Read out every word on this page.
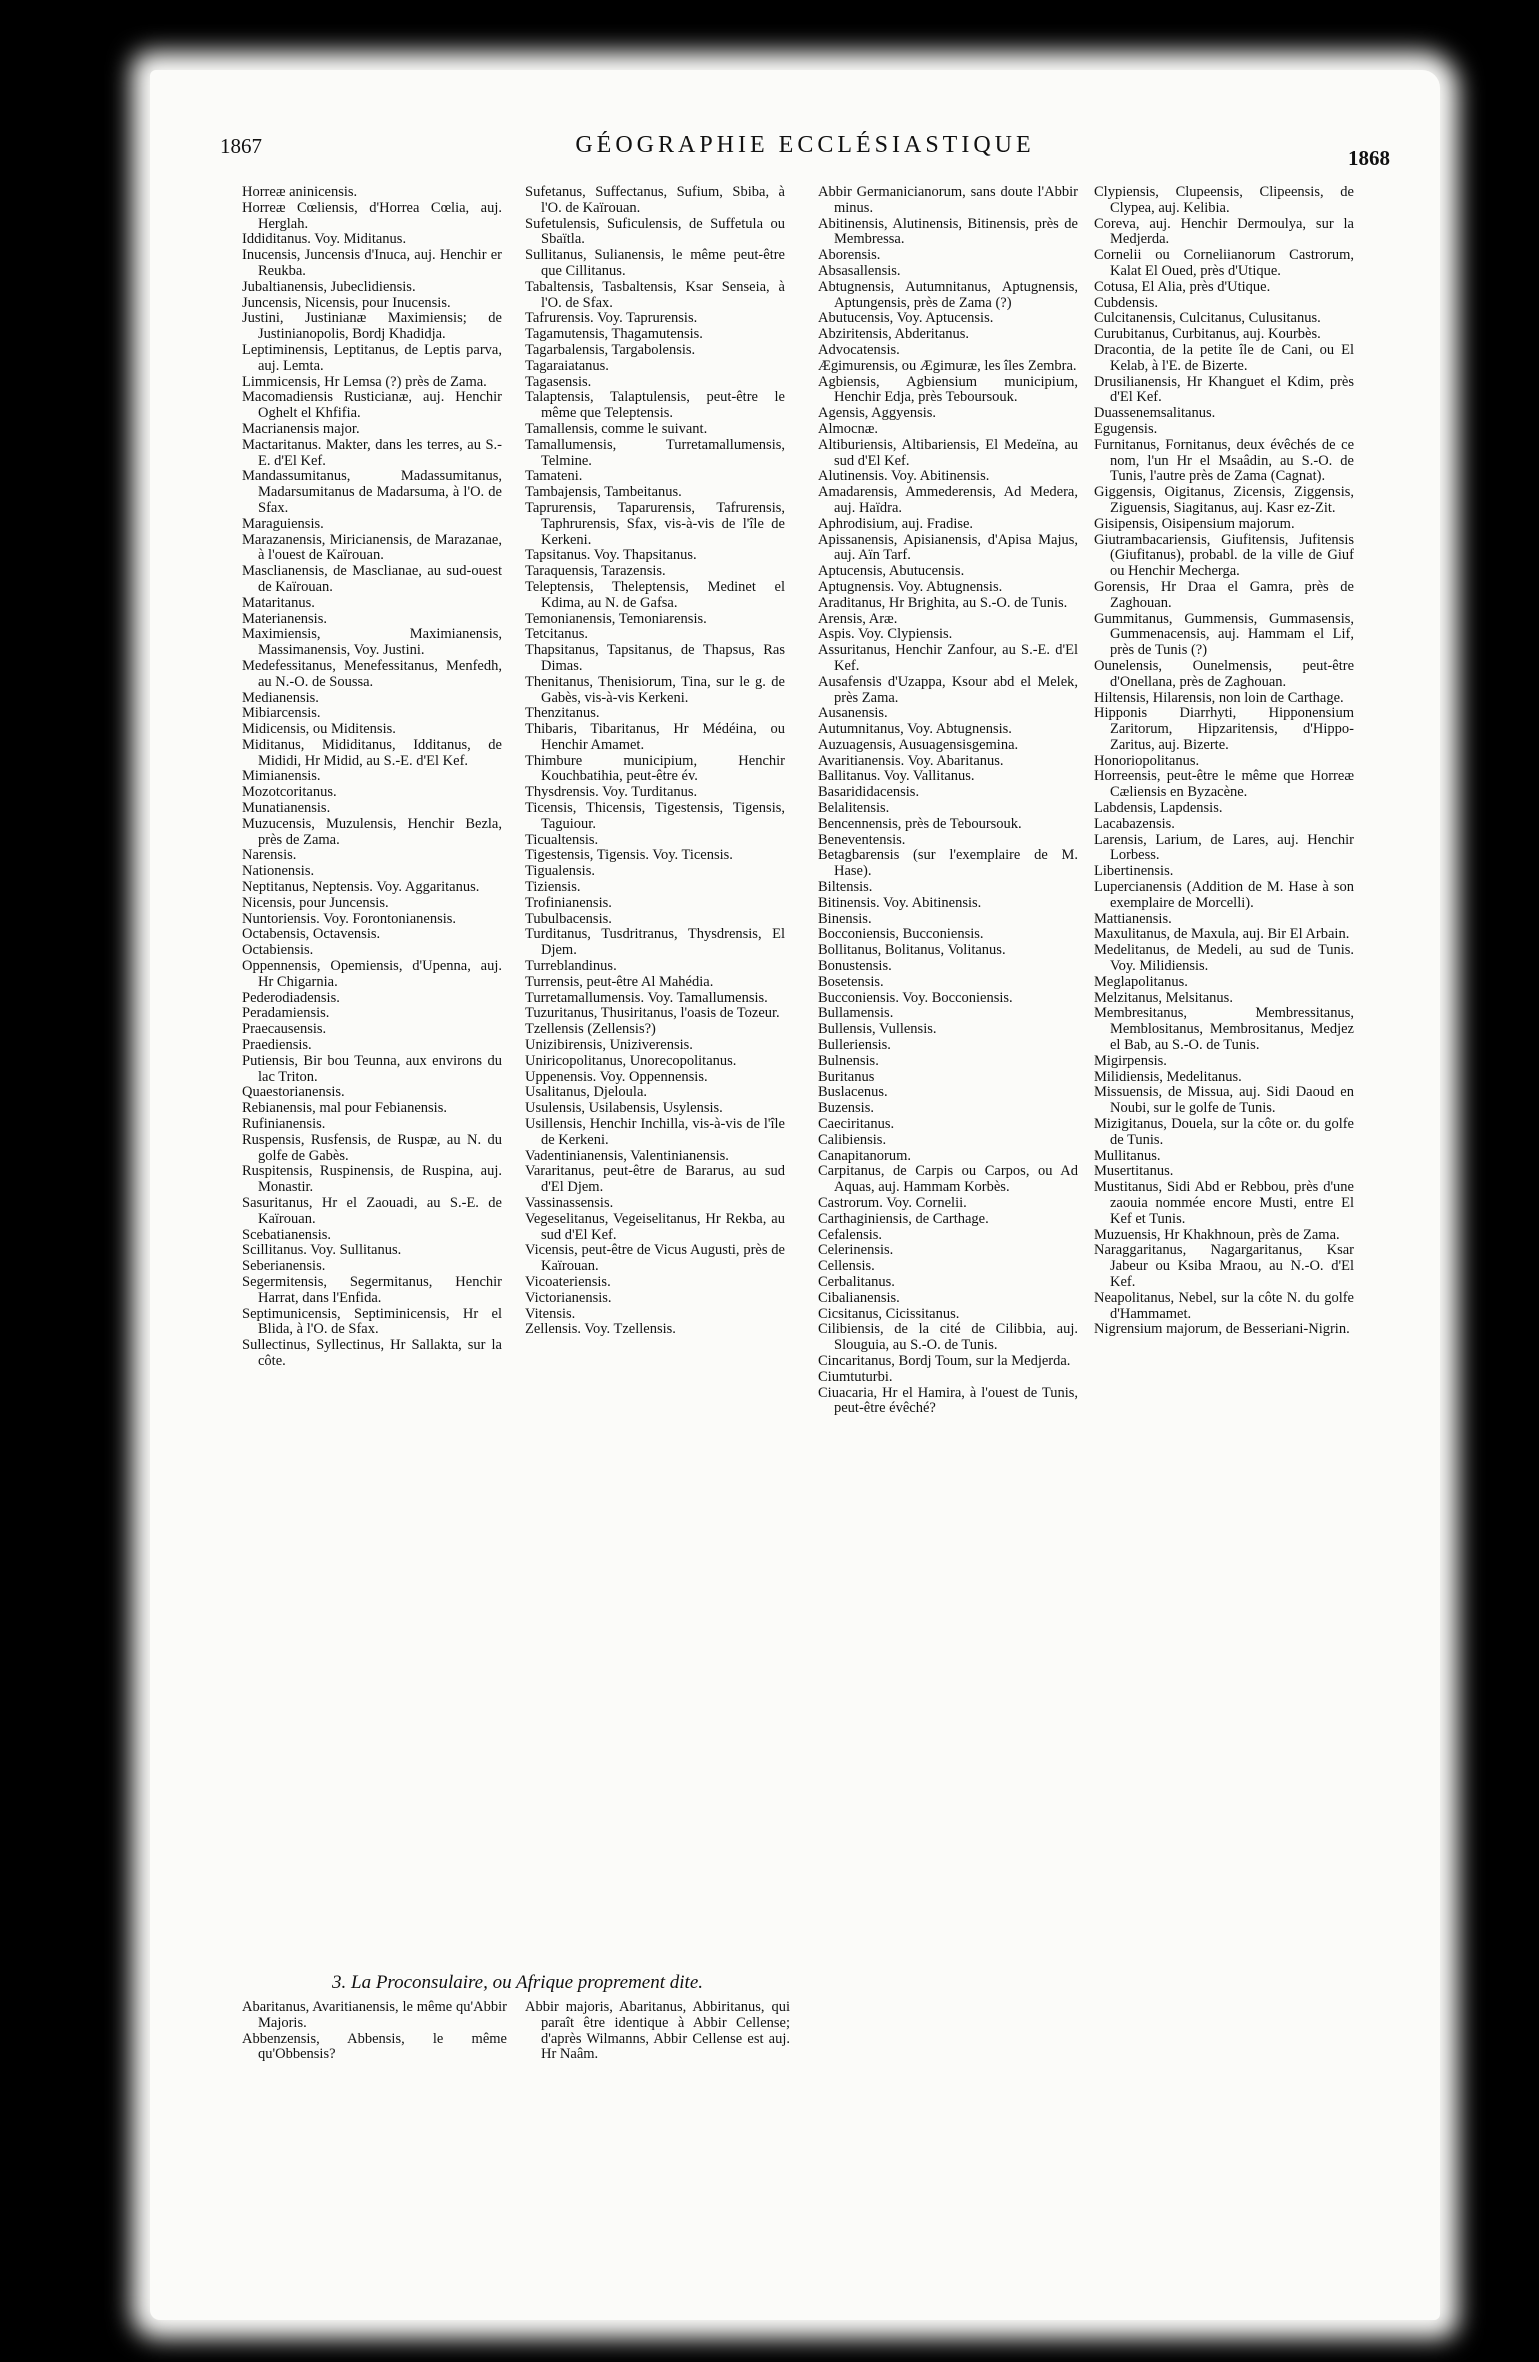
1867	GÉOGRAPHIE ECCLÉSIASTIQUE	1868

Horreæ aninicensis.

Horreæ Cœliensis, d'Horrea Cœlia, auj. Herglah.

Iddiditanus. Voy. Miditanus.

Inucensis, Juncensis d'Inuca, auj. Henchir er Reukba.

Jubaltianensis, Jubeclidiensis.

Juncensis, Nicensis, pour Inucensis.

Justini, Justinianæ Maximiensis; de Justinianopolis, Bordj Khadidja.

Leptiminensis, Leptitanus, de Leptis parva, auj. Lemta.

Limmicensis, Hr Lemsa (?) près de Zama.

Macomadiensis Rusticianæ, auj. Henchir Oghelt el Khfifia.

Macrianensis major.

Mactaritanus. Makter, dans les terres, au S.-E. d'El Kef.

Mandassumitanus, Madassumitanus, Madarsumitanus de Madarsuma, à l'O. de Sfax.

Maraguiensis.

Marazanensis, Miricianensis, de Marazanae, à l'ouest de Kaïrouan.

Masclianensis, de Masclianae, au sud-ouest de Kaïrouan.

Mataritanus.

Materianensis.

Maximiensis, Maximianensis, Massimanensis, Voy. Justini.

Medefessitanus, Menefessitanus, Menfedh, au N.-O. de Soussa.

Medianensis.

Mibiarcensis.

Midicensis, ou Miditensis.

Miditanus, Mididitanus, Idditanus, de Mididi, Hr Midid, au S.-E. d'El Kef.

Mimianensis.

Mozotcoritanus.

Munatianensis.

Muzucensis, Muzulensis, Henchir Bezla, près de Zama.

Narensis.

Nationensis.

Neptitanus, Neptensis. Voy. Aggaritanus.

Nicensis, pour Juncensis.

Nuntoriensis. Voy. Forontonianensis.

Octabensis, Octavensis.

Octabiensis.

Oppennensis, Opemiensis, d'Upenna, auj. Hr Chigarnia.

Pederodiadensis.

Peradamiensis.

Praecausensis.

Praediensis.

Putiensis, Bir bou Teunna, aux environs du lac Triton.

Quaestorianensis.

Rebianensis, mal pour Febianensis.

Rufinianensis.

Ruspensis, Rusfensis, de Ruspæ, au N. du golfe de Gabès.

Ruspitensis, Ruspinensis, de Ruspina, auj. Monastir.

Sasuritanus, Hr el Zaouadi, au S.-E. de Kaïrouan.

Scebatianensis.

Scillitanus. Voy. Sullitanus.

Seberianensis.

Segermitensis, Segermitanus, Henchir Harrat, dans l'Enfida.

Septimunicensis, Septiminicensis, Hr el Blida, à l'O. de Sfax.

Sullectinus, Syllectinus, Hr Sallakta, sur la côte.

Sufetanus, Suffectanus, Sufium, Sbiba, à l'O. de Kaïrouan.

Sufetulensis, Suficulensis, de Suffetula ou Sbaïtla.

Sullitanus, Sulianensis, le même peut-être que Cillitanus.

Tabaltensis, Tasbaltensis, Ksar Senseia, à l'O. de Sfax.

Tafrurensis. Voy. Taprurensis.

Tagamutensis, Thagamutensis.

Tagarbalensis, Targabolensis.

Tagaraiatanus.

Tagasensis.

Talaptensis, Talaptulensis, peut-être le même que Teleptensis.

Tamallensis, comme le suivant.

Tamallumensis, Turretamallumensis, Telmine.

Tamateni.

Tambajensis, Tambeitanus.

Taprurensis, Taparurensis, Tafrurensis, Taphrurensis, Sfax, vis-à-vis de l'île de Kerkeni.

Tapsitanus. Voy. Thapsitanus.

Taraquensis, Tarazensis.

Teleptensis, Theleptensis, Medinet el Kdima, au N. de Gafsa.

Temonianensis, Temoniarensis.

Tetcitanus.

Thapsitanus, Tapsitanus, de Thapsus, Ras Dimas.

Thenitanus, Thenisiorum, Tina, sur le g. de Gabès, vis-à-vis Kerkeni.

Thenzitanus.

Thibaris, Tibaritanus, Hr Médéina, ou Henchir Amamet.

Thimbure municipium, Henchir Kouchbatihia, peut-être év.

Thysdrensis. Voy. Turditanus.

Ticensis, Thicensis, Tigestensis, Tigensis, Taguiour.

Ticualtensis.

Tigestensis, Tigensis. Voy. Ticensis.

Tigualensis.

Tiziensis.

Trofinianensis.

Tubulbacensis.

Turditanus, Tusdritranus, Thysdrensis, El Djem.

Turreblandinus.

Turrensis, peut-être Al Mahédia.

Turretamallumensis. Voy. Tamallumensis.

Tuzuritanus, Thusiritanus, l'oasis de Tozeur.

Tzellensis (Zellensis?)

Unizibirensis, Uniziverensis.

Uniricopolitanus, Unorecopolitanus.

Uppenensis. Voy. Oppennensis.

Usalitanus, Djeloula.

Usulensis, Usilabensis, Usylensis.

Usillensis, Henchir Inchilla, vis-à-vis de l'île de Kerkeni.

Vadentinianensis, Valentinianensis.

Vararitanus, peut-être de Bararus, au sud d'El Djem.

Vassinassensis.

Vegeselitanus, Vegeiselitanus, Hr Rekba, au sud d'El Kef.

Vicensis, peut-être de Vicus Augusti, près de Kaïrouan.

Vicoateriensis.

Victorianensis.

Vitensis.

Zellensis. Voy. Tzellensis.

Abbir Germanicianorum, sans doute l'Abbir minus.

Abitinensis, Alutinensis, Bitinensis, près de Membressa.

Aborensis.

Absasallensis.

Abtugnensis, Autumnitanus, Aptugnensis, Aptungensis, près de Zama (?)

Abutucensis, Voy. Aptucensis.

Abziritensis, Abderitanus.

Advocatensis.

Ægimurensis, ou Ægimuræ, les îles Zembra.

Agbiensis, Agbiensium municipium, Henchir Edja, près Teboursouk.

Agensis, Aggyensis.

Almocnæ.

Altiburiensis, Altibariensis, El Medeïna, au sud d'El Kef.

Alutinensis. Voy. Abitinensis.

Amadarensis, Ammederensis, Ad Medera, auj. Haïdra.

Aphrodisium, auj. Fradise.

Apissanensis, Apisianensis, d'Apisa Majus, auj. Aïn Tarf.

Aptucensis, Abutucensis.

Aptugnensis. Voy. Abtugnensis.

Araditanus, Hr Brighita, au S.-O. de Tunis.

Arensis, Aræ.

Aspis. Voy. Clypiensis.

Assuritanus, Henchir Zanfour, au S.-E. d'El Kef.

Ausafensis d'Uzappa, Ksour abd el Melek, près Zama.

Ausanensis.

Autumnitanus, Voy. Abtugnensis.

Auzuagensis, Ausuagensisgemina.

Avaritianensis. Voy. Abaritanus.

Ballitanus. Voy. Vallitanus.

Basarididacensis.

Belalitensis.

Bencennensis, près de Teboursouk.

Beneventensis.

Betagbarensis (sur l'exemplaire de M. Hase).

Biltensis.

Bitinensis. Voy. Abitinensis.

Binensis.

Bocconiensis, Bucconiensis.

Bollitanus, Bolitanus, Volitanus.

Bonustensis.

Bosetensis.

Bucconiensis. Voy. Bocconiensis.

Bullamensis.

Bullensis, Vullensis.

Bulleriensis.

Bulnensis.

Buritanus

Buslacenus.

Buzensis.

Caeciritanus.

Calibiensis.

Canapitanorum.

Carpitanus, de Carpis ou Carpos, ou Ad Aquas, auj. Hammam Korbès.

Castrorum. Voy. Cornelii.

Carthaginiensis, de Carthage.

Cefalensis.

Celerinensis.

Cellensis.

Cerbalitanus.

Cibalianensis.

Cicsitanus, Cicissitanus.

Cilibiensis, de la cité de Cilibbia, auj. Slouguia, au S.-O. de Tunis.

Cincaritanus, Bordj Toum, sur la Medjerda.

Ciumtuturbi.

Ciuacaria, Hr el Hamira, à l'ouest de Tunis, peut-être évêché?

Clypiensis, Clupeensis, Clipeensis, de Clypea, auj. Kelibia.

Coreva, auj. Henchir Dermoulyа, sur la Medjerda.

Cornelii ou Corneliianorum Castrorum, Kalat El Oued, près d'Utique.

Cotusa, El Alia, près d'Utique.

Cubdensis.

Culcitanensis, Culcitanus, Culusitanus.

Curubitanus, Curbitanus, auj. Kourbès.

Dracontia, de la petite île de Cani, ou El Kelab, à l'E. de Bizerte.

Drusilianensis, Hr Khanguet el Kdim, près d'El Kef.

Duassenemsalitanus.

Egugensis.

Furnitanus, Fornitanus, deux évêchés de ce nom, l'un Hr el Msaâdin, au S.-O. de Tunis, l'autre près de Zama (Cagnat).

Giggensis, Oigitanus, Zicensis, Ziggensis, Ziguensis, Siagitanus, auj. Kasr ez-Zit.

Gisipensis, Oisipensium majorum.

Giutrambacariensis, Giufitensis, Jufitensis (Giufitanus), probabl. de la ville de Giuf ou Henchir Mecherga.

Gorensis, Hr Draa el Gamra, près de Zaghouan.

Gummitanus, Gummensis, Gummasensis, Gummenacensis, auj. Hammam el Lif, près de Tunis (?)

Ounelensis, Ounelmensis, peut-être d'Onellana, près de Zaghouan.

Hiltensis, Hilarensis, non loin de Carthage.

Hipponis Diarrhyti, Hipponensium Zaritorum, Hipzaritensis, d'Hippo-Zaritus, auj. Bizerte.

Honoriopolitanus.

Horreensis, peut-être le même que Horreæ Cæliensis en Byzacène.

Labdensis, Lapdensis.

Lacabazensis.

Larensis, Larium, de Lares, auj. Henchir Lorbess.

Libertinensis.

Lupercianensis (Addition de M. Hase à son exemplaire de Morcelli).

Mattianensis.

Maxulitanus, de Maxula, auj. Bir El Arbain.

Medelitanus, de Medeli, au sud de Tunis. Voy. Milidiensis.

Meglapolitanus.

Melzitanus, Melsitanus.

Membresitanus, Membressitanus, Memblositanus, Membrositanus, Medjez el Bab, au S.-O. de Tunis.

Migirpensis.

Milidiensis, Medelitanus.

Missuensis, de Missua, auj. Sidi Daoud en Noubi, sur le golfe de Tunis.

Mizigitanus, Douela, sur la côte or. du golfe de Tunis.

Mullitanus.

Musertitanus.

Mustitanus, Sidi Abd er Rebbou, près d'une zaouia nommée encore Musti, entre El Kef et Tunis.

Muzuensis, Hr Khakhnoun, près de Zama.

Naraggaritanus, Nagargaritanus, Ksar Jabeur ou Ksiba Mraou, au N.-O. d'El Kef.

Neapolitanus, Nebel, sur la côte N. du golfe d'Hammamet.

Nigrensium majorum, de Besseriani-Nigrin.

3. La Proconsulaire, ou Afrique proprement dite.

Abaritanus, Avaritianensis, le même qu'Abbir Majoris.

Abbenzensis, Abbensis, le même qu'Obbensis?

Abbir majoris, Abaritanus, Abbiritanus, qui paraît être identique à Abbir Cellense; d'après Wilmanns, Abbir Cellense est auj. Hr Naâm.
